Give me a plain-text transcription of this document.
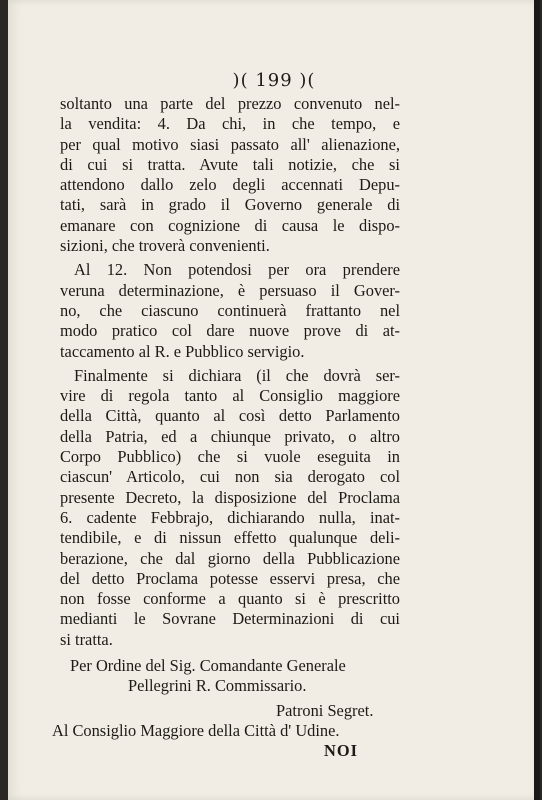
)( 199 )(
soltanto una parte del prezzo convenuto nel-
la vendita: 4. Da chi, in che tempo, e
per qual motivo siasi passato all' alienazione,
di cui si tratta. Avute tali notizie, che si
attendono dallo zelo degli accennati Depu-
tati, sarà in grado il Governo generale di
emanare con cognizione di causa le dispo-
sizioni, che troverà convenienti.
Al 12. Non potendosi per ora prendere
veruna determinazione, è persuaso il Gover-
no, che ciascuno continuerà frattanto nel
modo pratico col dare nuove prove di at-
taccamento al R. e Pubblico servigio.
Finalmente si dichiara (il che dovrà ser-
vire di regola tanto al Consiglio maggiore
della Città, quanto al così detto Parlamento
della Patria, ed a chiunque privato, o altro
Corpo Pubblico) che si vuole eseguita in
ciascun' Articolo, cui non sia derogato col
presente Decreto, la disposizione del Proclama
6. cadente Febbrajo, dichiarando nulla, inat-
tendibile, e di nissun effetto qualunque deli-
berazione, che dal giorno della Pubblicazione
del detto Proclama potesse esservi presa, che
non fosse conforme a quanto si è prescritto
medianti le Sovrane Determinazioni di cui
si tratta.
Per Ordine del Sig. Comandante Generale
Pellegrini R. Commissario.
Patroni Segret.
Al Consiglio Maggiore della Città d' Udine.
NOI
